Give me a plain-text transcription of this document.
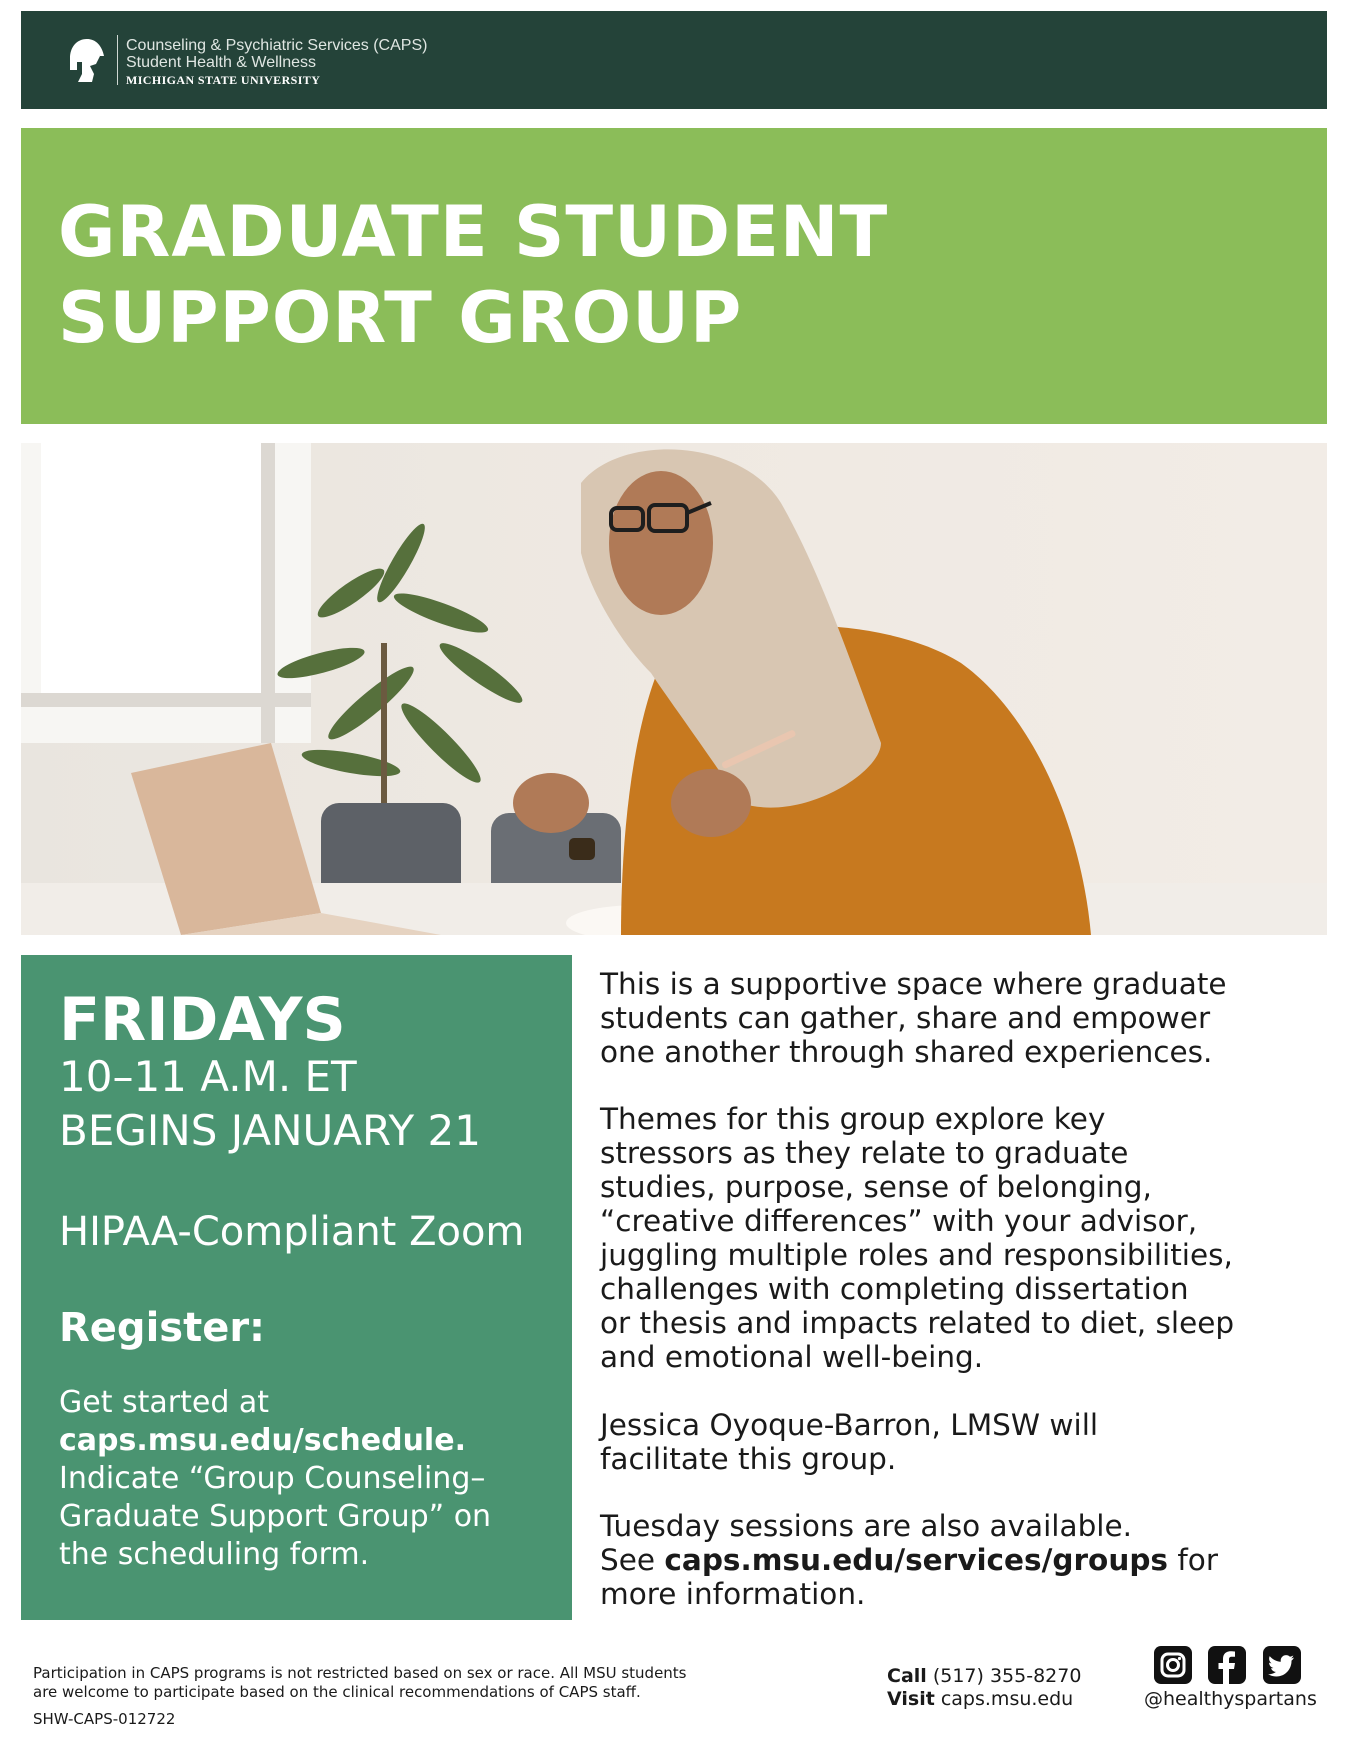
Counseling & Psychiatric Services (CAPS)
Student Health & Wellness
MICHIGAN STATE UNIVERSITY
GRADUATE STUDENT
SUPPORT GROUP
FRIDAYS
10–11 A.M. ET
BEGINS JANUARY 21
HIPAA-Compliant Zoom
Register:
Get started at
caps.msu.edu/schedule.
Indicate “Group Counseling–
Graduate Support Group” on
the scheduling form.
This is a supportive space where graduate
students can gather, share and empower
one another through shared experiences.
Themes for this group explore key
stressors as they relate to graduate
studies, purpose, sense of belonging,
“creative differences” with your advisor,
juggling multiple roles and responsibilities,
challenges with completing dissertation
or thesis and impacts related to diet, sleep
and emotional well-being.
Jessica Oyoque-Barron, LMSW will
facilitate this group.
Tuesday sessions are also available.
See caps.msu.edu/services/groups for
more information.
Participation in CAPS programs is not restricted based on sex or race. All MSU students
are welcome to participate based on the clinical recommendations of CAPS staff.
SHW-CAPS-012722
Call (517) 355-8270
Visit caps.msu.edu	@healthyspartans
